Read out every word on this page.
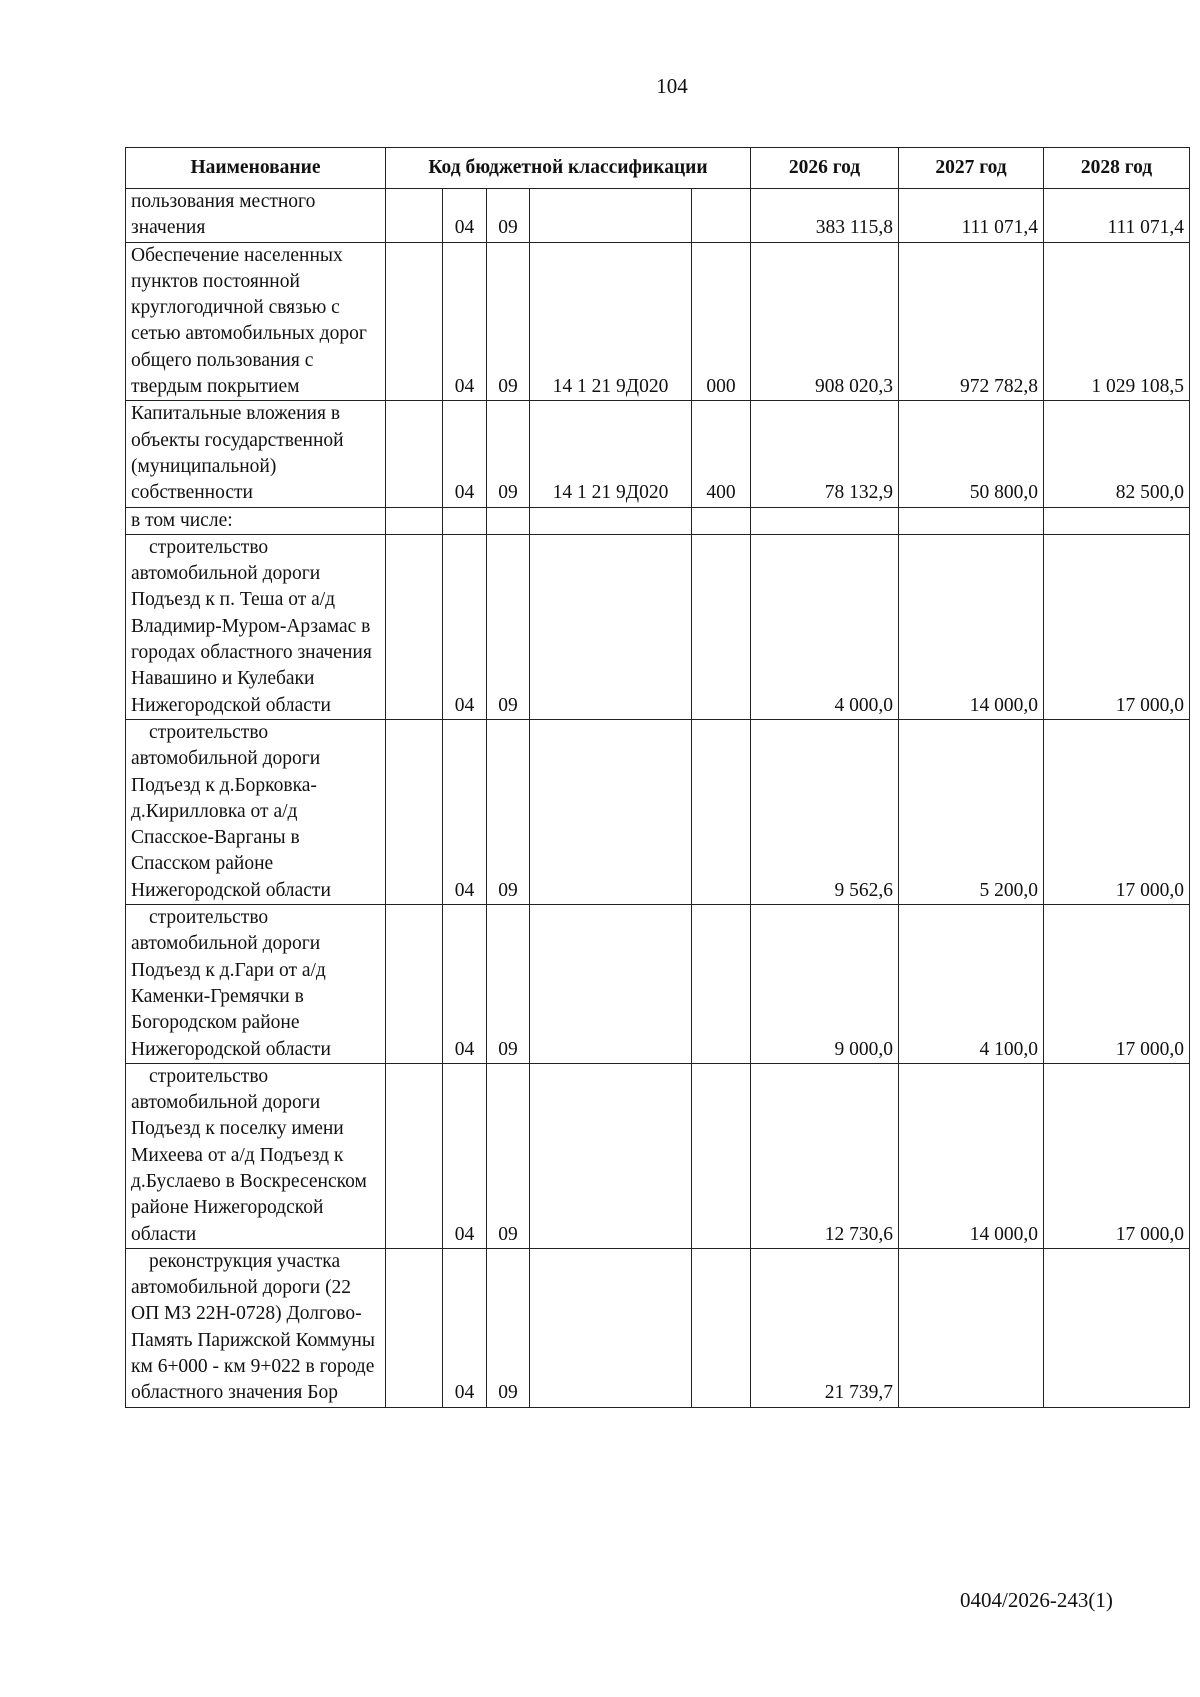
104
Наименование	Код бюджетной классификации					2026 год	2027 год	2028 год
пользования местного значения		04	09			383 115,8	111 071,4	111 071,4
Обеспечение населенных пунктов постоянной круглогодичной связью с сетью автомобильных дорог общего пользования с твердым покрытием		04	09	14 1 21 9Д020	000	908 020,3	972 782,8	1 029 108,5
Капитальные вложения в объекты государственной (муниципальной) собственности		04	09	14 1 21 9Д020	400	78 132,9	50 800,0	82 500,0
в том числе:								
строительство автомобильной дороги Подъезд к п. Теша от а/д Владимир-Муром-Арзамас в городах областного значения Навашино и Кулебаки Нижегородской области		04	09			4 000,0	14 000,0	17 000,0
строительство автомобильной дороги Подъезд к д.Борковка-д.Кирилловка от а/д Спасское-Варганы в Спасском районе Нижегородской области		04	09			9 562,6	5 200,0	17 000,0
строительство автомобильной дороги Подъезд к д.Гари от а/д Каменки-Гремячки в Богородском районе Нижегородской области		04	09			9 000,0	4 100,0	17 000,0
строительство автомобильной дороги Подъезд к поселку имени Михеева от а/д Подъезд к д.Буслаево в Воскресенском районе Нижегородской области		04	09			12 730,6	14 000,0	17 000,0
реконструкция участка автомобильной дороги (22 ОП МЗ 22Н-0728) Долгово-Память Парижской Коммуны км 6+000 - км 9+022 в городе областного значения Бор		04	09			21 739,7		
0404/2026-243(1)
